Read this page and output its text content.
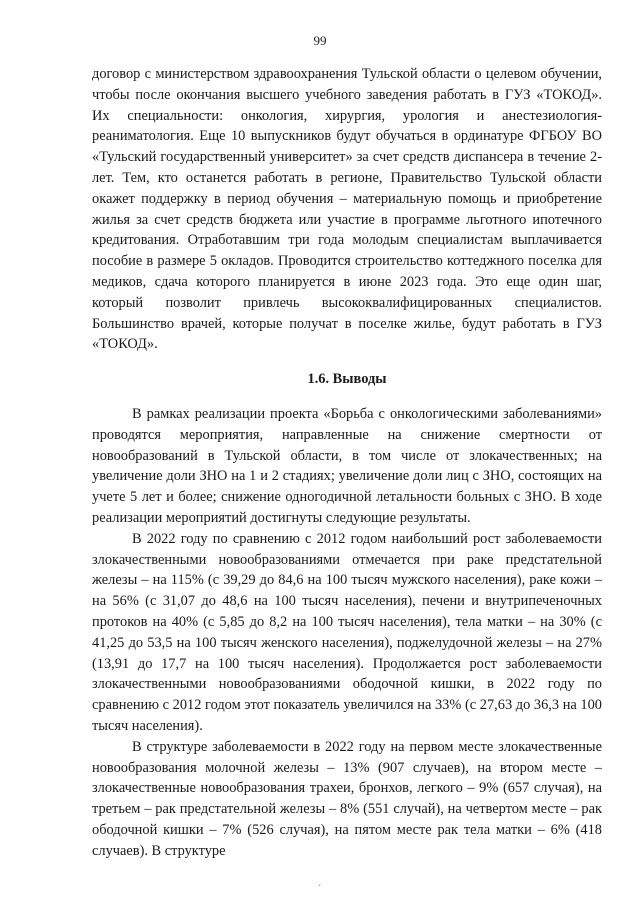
99

договор с министерством здравоохранения Тульской области о целевом обучении, чтобы после окончания высшего учебного заведения работать в ГУЗ «ТОКОД». Их специальности: онкология, хирургия, урология и анестезиология-реаниматология. Еще 10 выпускников будут обучаться в ординатуре ФГБОУ ВО «Тульский государственный университет» за счет средств диспансера в течение 2-лет. Тем, кто останется работать в регионе, Правительство Тульской области окажет поддержку в период обучения – материальную помощь и приобретение жилья за счет средств бюджета или участие в программе льготного ипотечного кредитования. Отработавшим три года молодым специалистам выплачивается пособие в размере 5 окладов. Проводится строительство коттеджного поселка для медиков, сдача которого планируется в июне 2023 года. Это еще один шаг, который позволит привлечь высококвалифицированных специалистов. Большинство врачей, которые получат в поселке жилье, будут работать в ГУЗ «ТОКОД».

1.6. Выводы

В рамках реализации проекта «Борьба с онкологическими заболеваниями» проводятся мероприятия, направленные на снижение смертности от новообразований в Тульской области, в том числе от злокачественных; на увеличение доли ЗНО на 1 и 2 стадиях; увеличение доли лиц с ЗНО, состоящих на учете 5 лет и более; снижение одногодичной летальности больных с ЗНО. В ходе реализации мероприятий достигнуты следующие результаты.

В 2022 году по сравнению с 2012 годом наибольший рост заболеваемости злокачественными новообразованиями отмечается при раке предстательной железы – на 115% (с 39,29 до 84,6 на 100 тысяч мужского населения), раке кожи – на 56% (с 31,07 до 48,6 на 100 тысяч населения), печени и внутрипеченочных протоков на 40% (с 5,85 до 8,2 на 100 тысяч населения), тела матки – на 30% (с 41,25 до 53,5 на 100 тысяч женского населения), поджелудочной железы – на 27% (13,91 до 17,7 на 100 тысяч населения). Продолжается рост заболеваемости злокачественными новообразованиями ободочной кишки, в 2022 году по сравнению с 2012 годом этот показатель увеличился на 33% (с 27,63 до 36,3 на 100 тысяч населения).

В структуре заболеваемости в 2022 году на первом месте злокачественные новообразования молочной железы – 13% (907 случаев), на втором месте – злокачественные новообразования трахеи, бронхов, легкого – 9% (657 случая), на третьем – рак предстательной железы – 8% (551 случай), на четвертом месте – рак ободочной кишки – 7% (526 случая), на пятом месте рак тела матки – 6% (418 случаев). В структуре

ˊ
